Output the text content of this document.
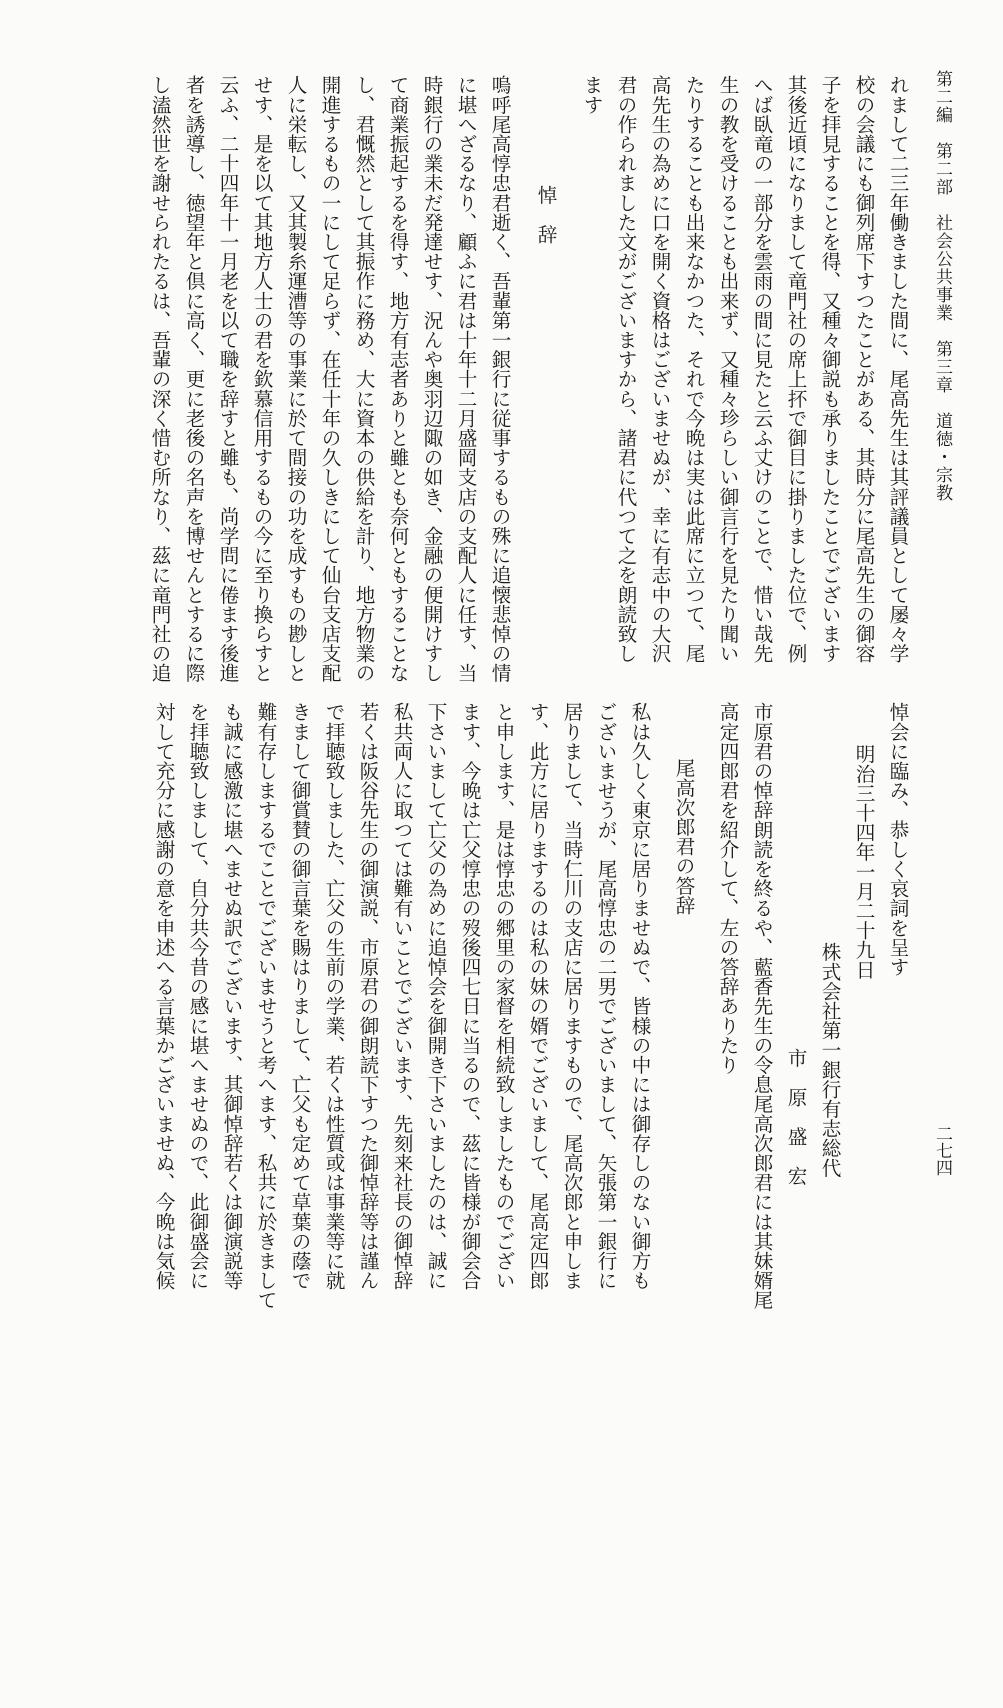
第二編　第二部　社会公共事業　第三章　道徳・宗教
二七四
れまして二三年働きました間に、尾高先生は其評議員として屡々学
校の会議にも御列席下すつたことがある、其時分に尾高先生の御容
子を拝見することを得、又種々御説も承りましたことでございます
其後近頃になりまして竜門社の席上抔で御目に掛りました位で、例
へば臥竜の一部分を雲雨の間に見たと云ふ丈けのことで、惜い哉先
生の教を受けることも出来ず、又種々珍らしい御言行を見たり聞い
たりすることも出来なかつた、それで今晩は実は此席に立つて、尾
高先生の為めに口を開く資格はございませぬが、幸に有志中の大沢
君の作られました文がございますから、諸君に代つて之を朗読致し
ます
悼　辞
嗚呼尾高惇忠君逝く、吾輩第一銀行に従事するもの殊に追懐悲悼の情
に堪へざるなり、顧ふに君は十年十二月盛岡支店の支配人に任す、当
時銀行の業未だ発達せす、況んや奥羽辺陬の如き、金融の便開けすし
て商業振起するを得す、地方有志者ありと雖とも奈何ともすることな
し、君慨然として其振作に務め、大に資本の供給を計り、地方物業の
開進するもの一にして足らず、在任十年の久しきにして仙台支店支配
人に栄転し、又其製糸運漕等の事業に於て間接の功を成すもの尠しと
せす、是を以て其地方人士の君を欽慕信用するもの今に至り換らすと
云ふ、二十四年十一月老を以て職を辞すと雖も、尚学問に倦ます後進
者を誘導し、徳望年と倶に高く、更に老後の名声を博せんとするに際
し溘然世を謝せられたるは、吾輩の深く惜む所なり、茲に竜門社の追
悼会に臨み、恭しく哀詞を呈す
明治三十四年一月二十九日
株式会社第一銀行有志総代
市　原　盛　宏
市原君の悼辞朗読を終るや、藍香先生の令息尾高次郎君には其妹婿尾
高定四郎君を紹介して、左の答辞ありたり
尾高次郎君の答辞
私は久しく東京に居りませぬで、皆様の中には御存しのない御方も
ございませうが、尾高惇忠の二男でございまして、矢張第一銀行に
居りまして、当時仁川の支店に居りますもので、尾高次郎と申しま
す、此方に居りまするのは私の妹の婿でございまして、尾高定四郎
と申します、是は惇忠の郷里の家督を相続致しましたものでござい
ます、今晩は亡父惇忠の歿後四七日に当るので、茲に皆様が御会合
下さいまして亡父の為めに追悼会を御開き下さいましたのは、誠に
私共両人に取つては難有いことでございます、先刻来社長の御悼辞
若くは阪谷先生の御演説、市原君の御朗読下すつた御悼辞等は謹ん
で拝聴致しました、亡父の生前の学業、若くは性質或は事業等に就
きまして御賞賛の御言葉を賜はりまして、亡父も定めて草葉の蔭で
難有存しまするでことでございませうと考へます、私共に於きまして
も誠に感激に堪へませぬ訳でございます、其御悼辞若くは御演説等
を拝聴致しまして、自分共今昔の感に堪へませぬので、此御盛会に
対して充分に感謝の意を申述へる言葉かございませぬ、今晩は気候
